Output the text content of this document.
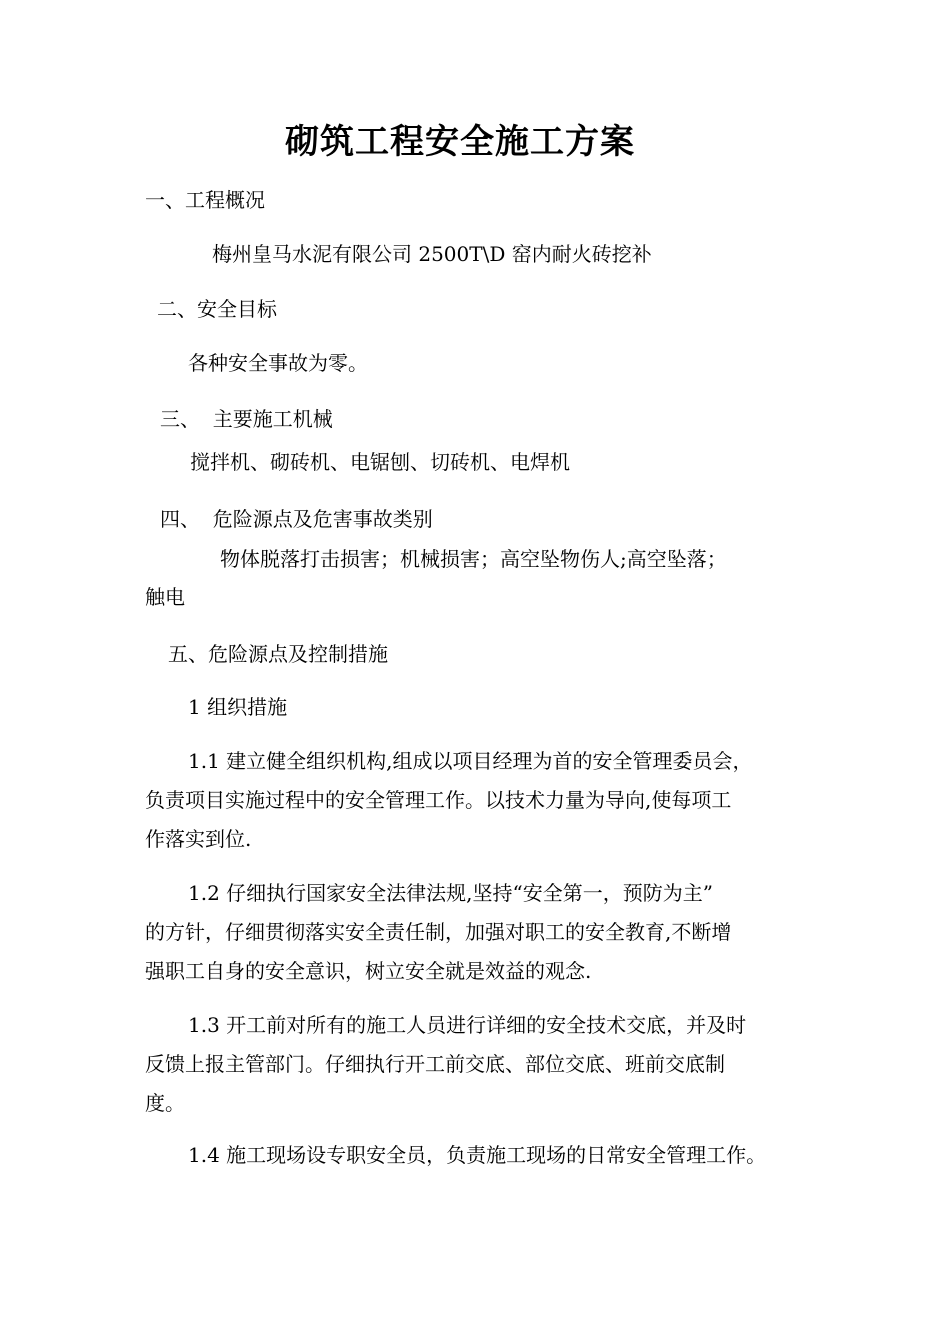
砌筑工程安全施工方案
一、工程概况
梅州皇马水泥有限公司 2500T\D 窑内耐火砖挖补
二、安全目标
各种安全事故为零。
三、  主要施工机械
搅拌机、砌砖机、电锯刨、切砖机、电焊机
四、  危险源点及危害事故类别
物体脱落打击损害；机械损害；高空坠物伤人;高空坠落；
触电
五、危险源点及控制措施
1 组织措施
1.1 建立健全组织机构,组成以项目经理为首的安全管理委员会，
负责项目实施过程中的安全管理工作。以技术力量为导向,使每项工
作落实到位.
1.2 仔细执行国家安全法律法规,坚持“安全第一，预防为主”
的方针，仔细贯彻落实安全责任制，加强对职工的安全教育,不断增
强职工自身的安全意识，树立安全就是效益的观念.
1.3 开工前对所有的施工人员进行详细的安全技术交底，并及时
反馈上报主管部门。仔细执行开工前交底、部位交底、班前交底制
度。
1.4 施工现场设专职安全员，负责施工现场的日常安全管理工作。
